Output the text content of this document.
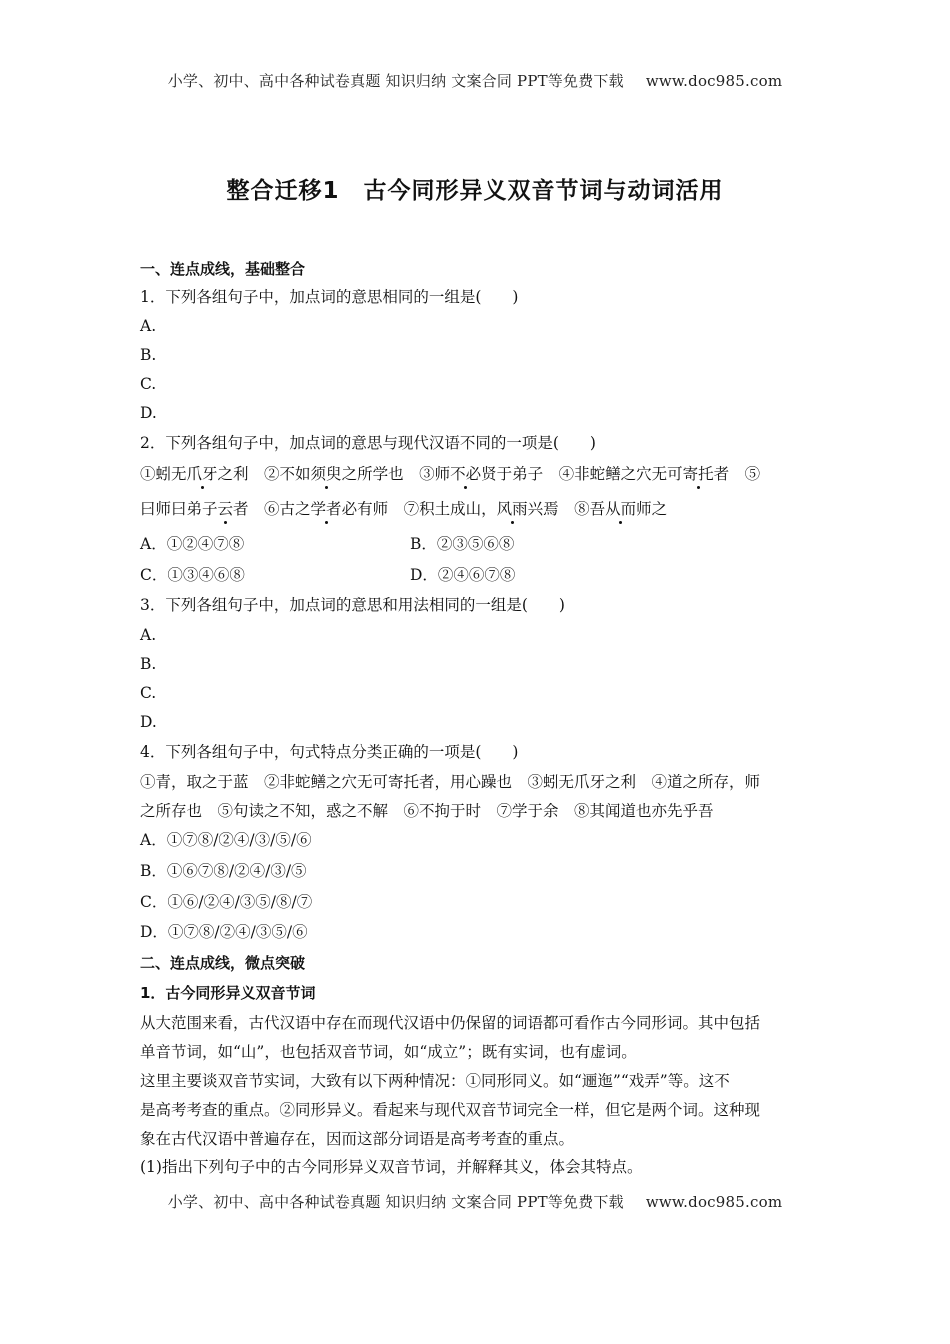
小学、初中、高中各种试卷真题 知识归纳 文案合同 PPT等免费下载 www.doc985.com
整合迁移1　古今同形异义双音节词与动词活用
一、连点成线，基础整合
1．下列各组句子中，加点词的意思相同的一组是(　　)
A.
B.
C.
D.
2．下列各组句子中，加点词的意思与现代汉语不同的一项是(　　)
①蚓无爪牙之利　②不如须臾之所学也　③师不必贤于弟子　④非蛇鳝之穴无可寄托者　⑤
曰师曰弟子云者　⑥古之学者必有师　⑦积土成山，风雨兴焉　⑧吾从而师之
A．①②④⑦⑧	B．②③⑤⑥⑧
C．①③④⑥⑧	D．②④⑥⑦⑧
3．下列各组句子中，加点词的意思和用法相同的一组是(　　)
A.
B.
C.
D.
4．下列各组句子中，句式特点分类正确的一项是(　　)
①青，取之于蓝　②非蛇鳝之穴无可寄托者，用心躁也　③蚓无爪牙之利　④道之所存，师
之所存也　⑤句读之不知，惑之不解　⑥不拘于时　⑦学于余　⑧其闻道也亦先乎吾
A．①⑦⑧/②④/③/⑤/⑥
B．①⑥⑦⑧/②④/③/⑤
C．①⑥/②④/③⑤/⑧/⑦
D．①⑦⑧/②④/③⑤/⑥
二、连点成线，微点突破
1．古今同形异义双音节词
从大范围来看，古代汉语中存在而现代汉语中仍保留的词语都可看作古今同形词。其中包括
单音节词，如“山”，也包括双音节词，如“成立”；既有实词，也有虚词。
这里主要谈双音节实词，大致有以下两种情况：①同形同义。如“逦迤”“戏弄”等。这不
是高考考查的重点。②同形异义。看起来与现代双音节词完全一样，但它是两个词。这种现
象在古代汉语中普遍存在，因而这部分词语是高考考查的重点。
(1)指出下列句子中的古今同形异义双音节词，并解释其义，体会其特点。
小学、初中、高中各种试卷真题 知识归纳 文案合同 PPT等免费下载 www.doc985.com
